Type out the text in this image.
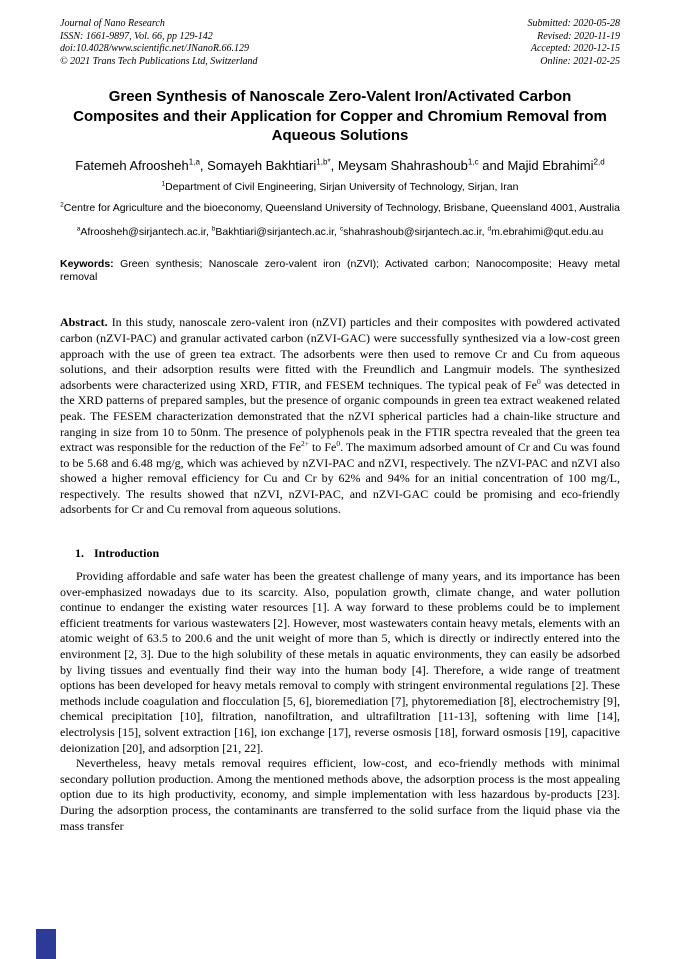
Journal of Nano Research
ISSN: 1661-9897, Vol. 66, pp 129-142
doi:10.4028/www.scientific.net/JNanoR.66.129
© 2021 Trans Tech Publications Ltd, Switzerland
Submitted: 2020-05-28
Revised: 2020-11-19
Accepted: 2020-12-15
Online: 2021-02-25
Green Synthesis of Nanoscale Zero-Valent Iron/Activated Carbon Composites and their Application for Copper and Chromium Removal from Aqueous Solutions

Fatemeh Afroosheh$^{1,a}$, Somayeh Bakhtiari$^{1,b*}$, Meysam Shahrashoub$^{1,c}$ and Majid Ebrahimi$^{2,d}$

$^1$Department of Civil Engineering, Sirjan University of Technology, Sirjan, Iran

$^2$Centre for Agriculture and the bioeconomy, Queensland University of Technology, Brisbane, Queensland 4001, Australia

$^a$Afroosheh@sirjantech.ac.ir, $^b$Bakhtiari@sirjantech.ac.ir, $^c$shahrashoub@sirjantech.ac.ir, $^d$m.ebrahimi@qut.edu.au

Keywords: Green synthesis; Nanoscale zero-valent iron (nZVI); Activated carbon; Nanocomposite; Heavy metal removal

Abstract. In this study, nanoscale zero-valent iron (nZVI) particles and their composites with powdered activated carbon (nZVI-PAC) and granular activated carbon (nZVI-GAC) were successfully synthesized via a low-cost green approach with the use of green tea extract. The adsorbents were then used to remove Cr and Cu from aqueous solutions, and their adsorption results were fitted with the Freundlich and Langmuir models. The synthesized adsorbents were characterized using XRD, FTIR, and FESEM techniques. The typical peak of Fe$^0$ was detected in the XRD patterns of prepared samples, but the presence of organic compounds in green tea extract weakened related peak. The FESEM characterization demonstrated that the nZVI spherical particles had a chain-like structure and ranging in size from 10 to 50nm. The presence of polyphenols peak in the FTIR spectra revealed that the green tea extract was responsible for the reduction of the $Fe^{2+}$ to Fe$^0$. The maximum adsorbed amount of Cr and Cu was found to be 5.68 and 6.48 mg/g, which was achieved by nZVI-PAC and nZVI, respectively. The nZVI-PAC and nZVI also showed a higher removal efficiency for Cu and Cr by 62% and 94% for an initial concentration of 100 mg/L, respectively. The results showed that nZVI, nZVI-PAC, and nZVI-GAC could be promising and eco-friendly adsorbents for Cr and Cu removal from aqueous solutions.

1. Introduction

Providing affordable and safe water has been the greatest challenge of many years, and its importance has been over-emphasized nowadays due to its scarcity. Also, population growth, climate change, and water pollution continue to endanger the existing water resources [1]. A way forward to these problems could be to implement efficient treatments for various wastewaters [2]. However, most wastewaters contain heavy metals, elements with an atomic weight of 63.5 to 200.6 and the unit weight of more than 5, which is directly or indirectly entered into the environment [2, 3]. Due to the high solubility of these metals in aquatic environments, they can easily be adsorbed by living tissues and eventually find their way into the human body [4]. Therefore, a wide range of treatment options has been developed for heavy metals removal to comply with stringent environmental regulations [2]. These methods include coagulation and flocculation [5, 6], bioremediation [7], phytoremediation [8], electrochemistry [9], chemical precipitation [10], filtration, nanofiltration, and ultrafiltration [11-13], softening with lime [14], electrolysis [15], solvent extraction [16], ion exchange [17], reverse osmosis [18], forward osmosis [19], capacitive deionization [20], and adsorption [21, 22].

Nevertheless, heavy metals removal requires efficient, low-cost, and eco-friendly methods with minimal secondary pollution production. Among the mentioned methods above, the adsorption process is the most appealing option due to its high productivity, economy, and simple implementation with less hazardous by-products [23]. During the adsorption process, the contaminants are transferred to the solid surface from the liquid phase via the mass transfer
